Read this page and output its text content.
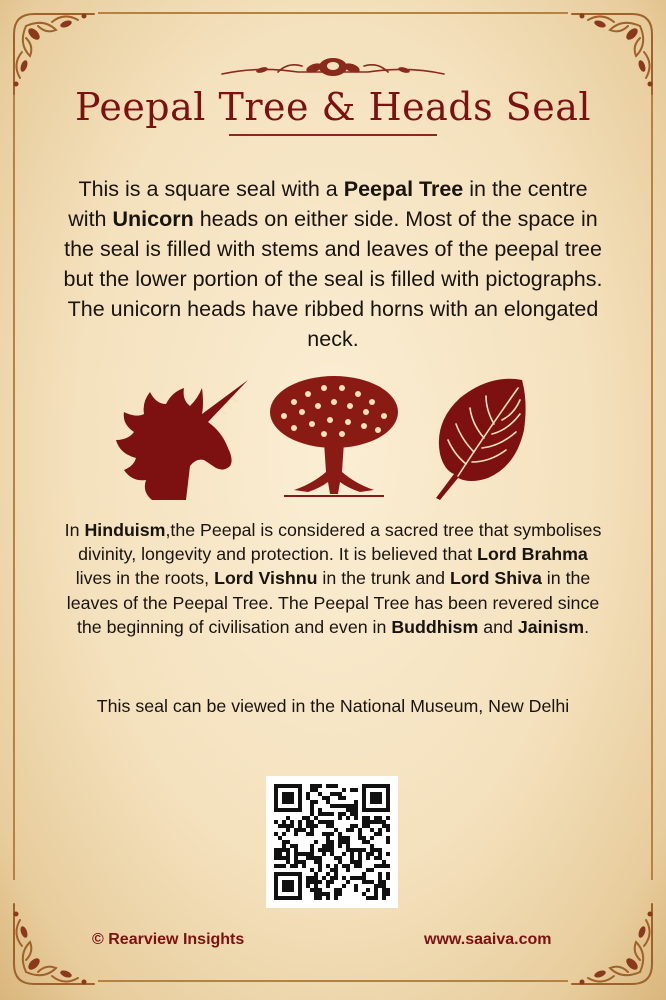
Peepal Tree & Heads Seal
This is a square seal with a Peepal Tree in the centre with Unicorn heads on either side. Most of the space in the seal is filled with stems and leaves of the peepal tree but the lower portion of the seal is filled with pictographs. The unicorn heads have ribbed horns with an elongated neck.
In Hinduism,the Peepal is considered a sacred tree that symbolises divinity, longevity and protection. It is believed that Lord Brahma lives in the roots, Lord Vishnu in the trunk and Lord Shiva in the leaves of the Peepal Tree. The Peepal Tree has been revered since the beginning of civilisation and even in Buddhism and Jainism.
This seal can be viewed in the National Museum, New Delhi
© Rearview Insights	www.saaiva.com
